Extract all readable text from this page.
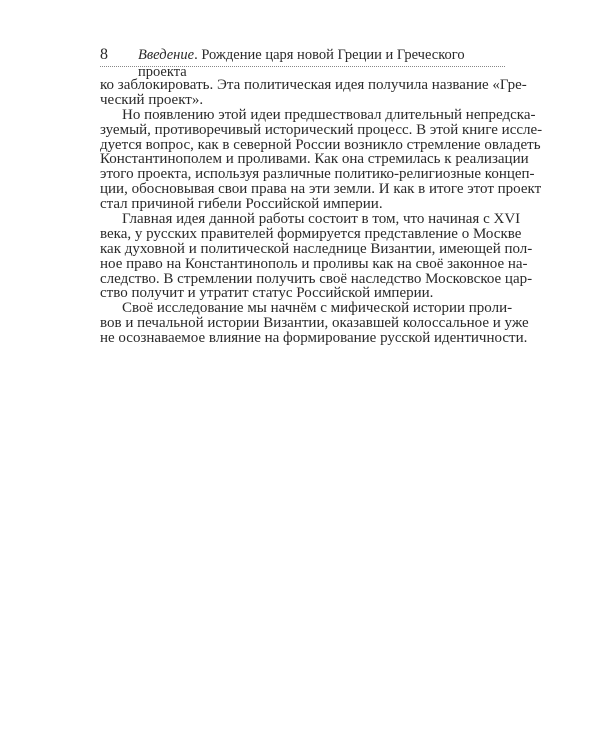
8 Введение. Рождение царя новой Греции и Греческого проекта
ко заблокировать. Эта политическая идея получила название «Гре-
ческий проект».
Но появлению этой идеи предшествовал длительный непредска-
зуемый, противоречивый исторический процесс. В этой книге иссле-
дуется вопрос, как в северной России возникло стремление овладеть
Константинополем и проливами. Как она стремилась к реализации
этого проекта, используя различные политико-религиозные концеп-
ции, обосновывая свои права на эти земли. И как в итоге этот проект
стал причиной гибели Российской империи.
Главная идея данной работы состоит в том, что начиная с XVI
века, у русских правителей формируется представление о Москве
как духовной и политической наследнице Византии, имеющей пол-
ное право на Константинополь и проливы как на своё законное на-
следство. В стремлении получить своё наследство Московское цар-
ство получит и утратит статус Российской империи.
Своё исследование мы начнём с мифической истории проли-
вов и печальной истории Византии, оказавшей колоссальное и уже
не осознаваемое влияние на формирование русской идентичности.
